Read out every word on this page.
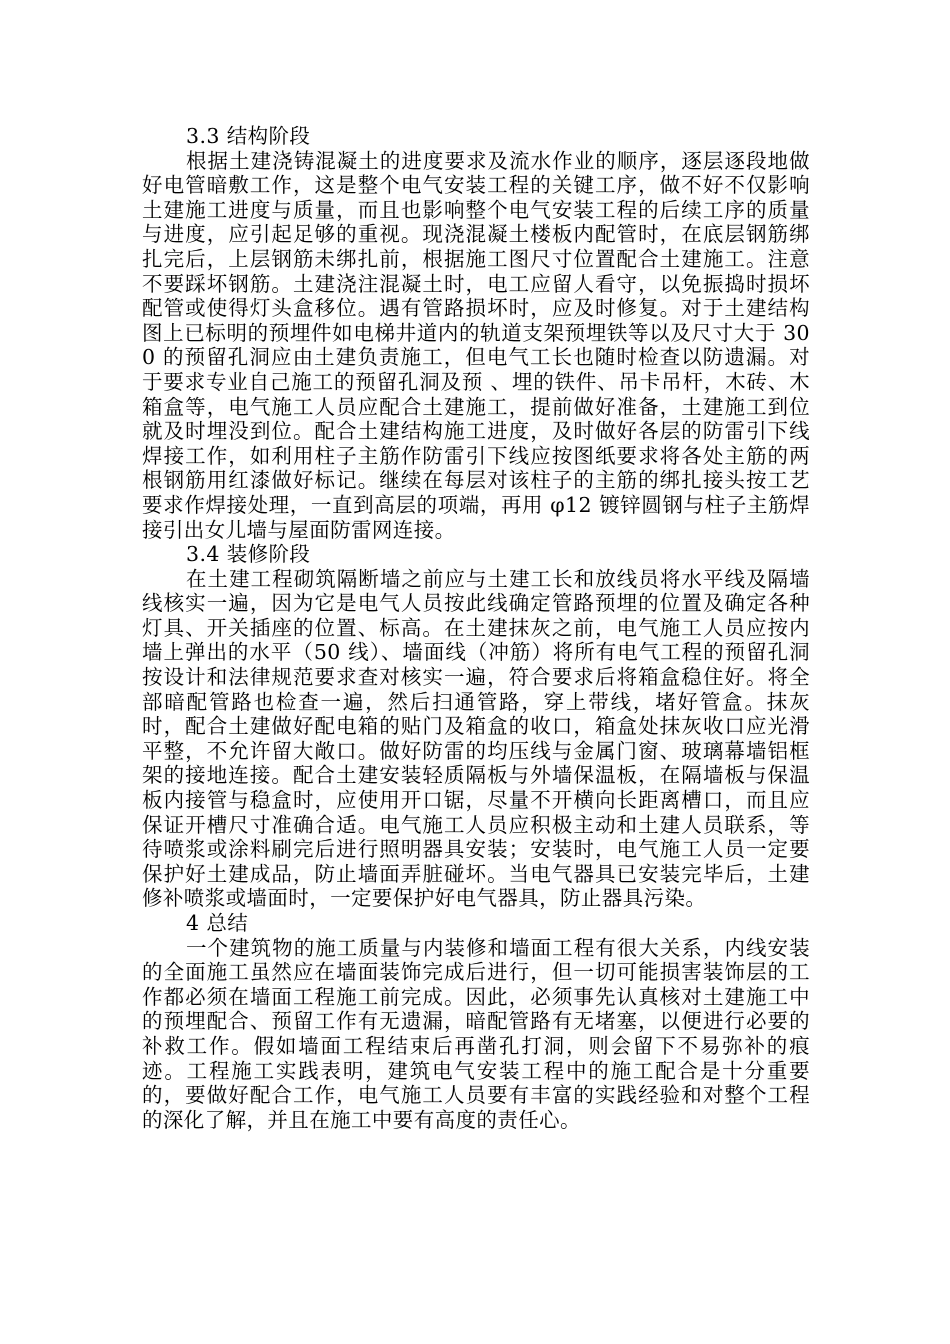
3.3 结构阶段

根据土建浇铸混凝土的进度要求及流水作业的顺序，逐层逐段地做好电管暗敷工作，这是整个电气安装工程的关键工序，做不好不仅影响土建施工进度与质量，而且也影响整个电气安装工程的后续工序的质量与进度，应引起足够的重视。现浇混凝土楼板内配管时，在底层钢筋绑扎完后，上层钢筋未绑扎前，根据施工图尺寸位置配合土建施工。注意不要踩坏钢筋。土建浇注混凝土时，电工应留人看守，以免振捣时损坏配管或使得灯头盒移位。遇有管路损坏时，应及时修复。对于土建结构图上已标明的预埋件如电梯井道内的轨道支架预埋铁等以及尺寸大于 300 的预留孔洞应由土建负责施工，但电气工长也随时检查以防遗漏。对于要求专业自己施工的预留孔洞及预 、埋的铁件、吊卡吊杆，木砖、木箱盒等，电气施工人员应配合土建施工，提前做好准备，土建施工到位就及时埋没到位。配合土建结构施工进度，及时做好各层的防雷引下线焊接工作，如利用柱子主筋作防雷引下线应按图纸要求将各处主筋的两根钢筋用红漆做好标记。继续在每层对该柱子的主筋的绑扎接头按工艺要求作焊接处理，一直到高层的项端，再用 φ12 镀锌圆钢与柱子主筋焊接引出女儿墙与屋面防雷网连接。

3.4 装修阶段

在土建工程砌筑隔断墙之前应与土建工长和放线员将水平线及隔墙线核实一遍，因为它是电气人员按此线确定管路预埋的位置及确定各种灯具、开关插座的位置、标高。在土建抹灰之前，电气施工人员应按内墙上弹出的水平（50 线）、墙面线（冲筋）将所有电气工程的预留孔洞按设计和法律规范要求查对核实一遍，符合要求后将箱盒稳住好。将全部暗配管路也检查一遍，然后扫通管路，穿上带线，堵好管盒。抹灰时，配合土建做好配电箱的贴门及箱盒的收口，箱盒处抹灰收口应光滑平整，不允许留大敞口。做好防雷的均压线与金属门窗、玻璃幕墙铝框架的接地连接。配合土建安装轻质隔板与外墙保温板，在隔墙板与保温板内接管与稳盒时，应使用开口锯，尽量不开横向长距离槽口，而且应保证开槽尺寸准确合适。电气施工人员应积极主动和土建人员联系，等待喷浆或涂料刷完后进行照明器具安装；安装时，电气施工人员一定要保护好土建成品，防止墙面弄脏碰坏。当电气器具已安装完毕后，土建修补喷浆或墙面时，一定要保护好电气器具，防止器具污染。

4 总结

一个建筑物的施工质量与内装修和墙面工程有很大关系，内线安装的全面施工虽然应在墙面装饰完成后进行，但一切可能损害装饰层的工作都必须在墙面工程施工前完成。因此，必须事先认真核对土建施工中的预埋配合、预留工作有无遗漏，暗配管路有无堵塞，以便进行必要的补救工作。假如墙面工程结束后再凿孔打洞，则会留下不易弥补的痕迹。工程施工实践表明，建筑电气安装工程中的施工配合是十分重要的，要做好配合工作，电气施工人员要有丰富的实践经验和对整个工程的深化了解，并且在施工中要有高度的责任心。
